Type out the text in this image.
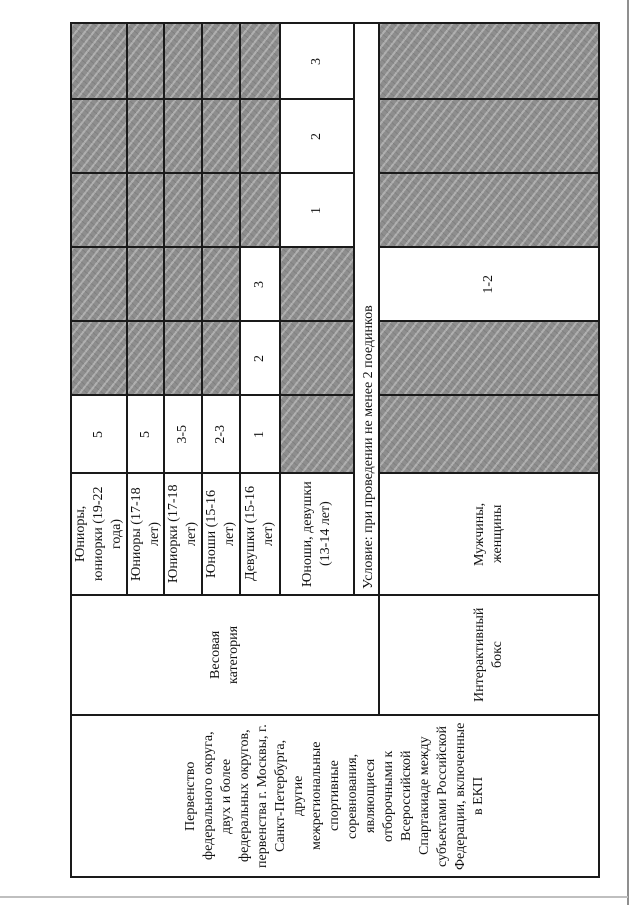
Первенство федерального округа, двух и более федеральных округов, первенства г. Москвы, г. Санкт-Петербурга, другие межрегиональные спортивные соревнования, являющиеся отборочными к Всероссийской Спартакиаде между субъектами Российской Федерации, включенные в ЕКП
Весовая категория	Интерактивный бокс
Юниоры, юниорки (19-22 года) Юниоры (17-18 лет) Юниорки (17-18 лет) Юноши (15-16 лет) Девушки (15-16 лет) Юноши, девушки (13-14 лет)	Мужчины, женщины
Условие: при проведении не менее 2 поединков
5 5 3-5 2-3 1
2
3
1
2
3
1-2
